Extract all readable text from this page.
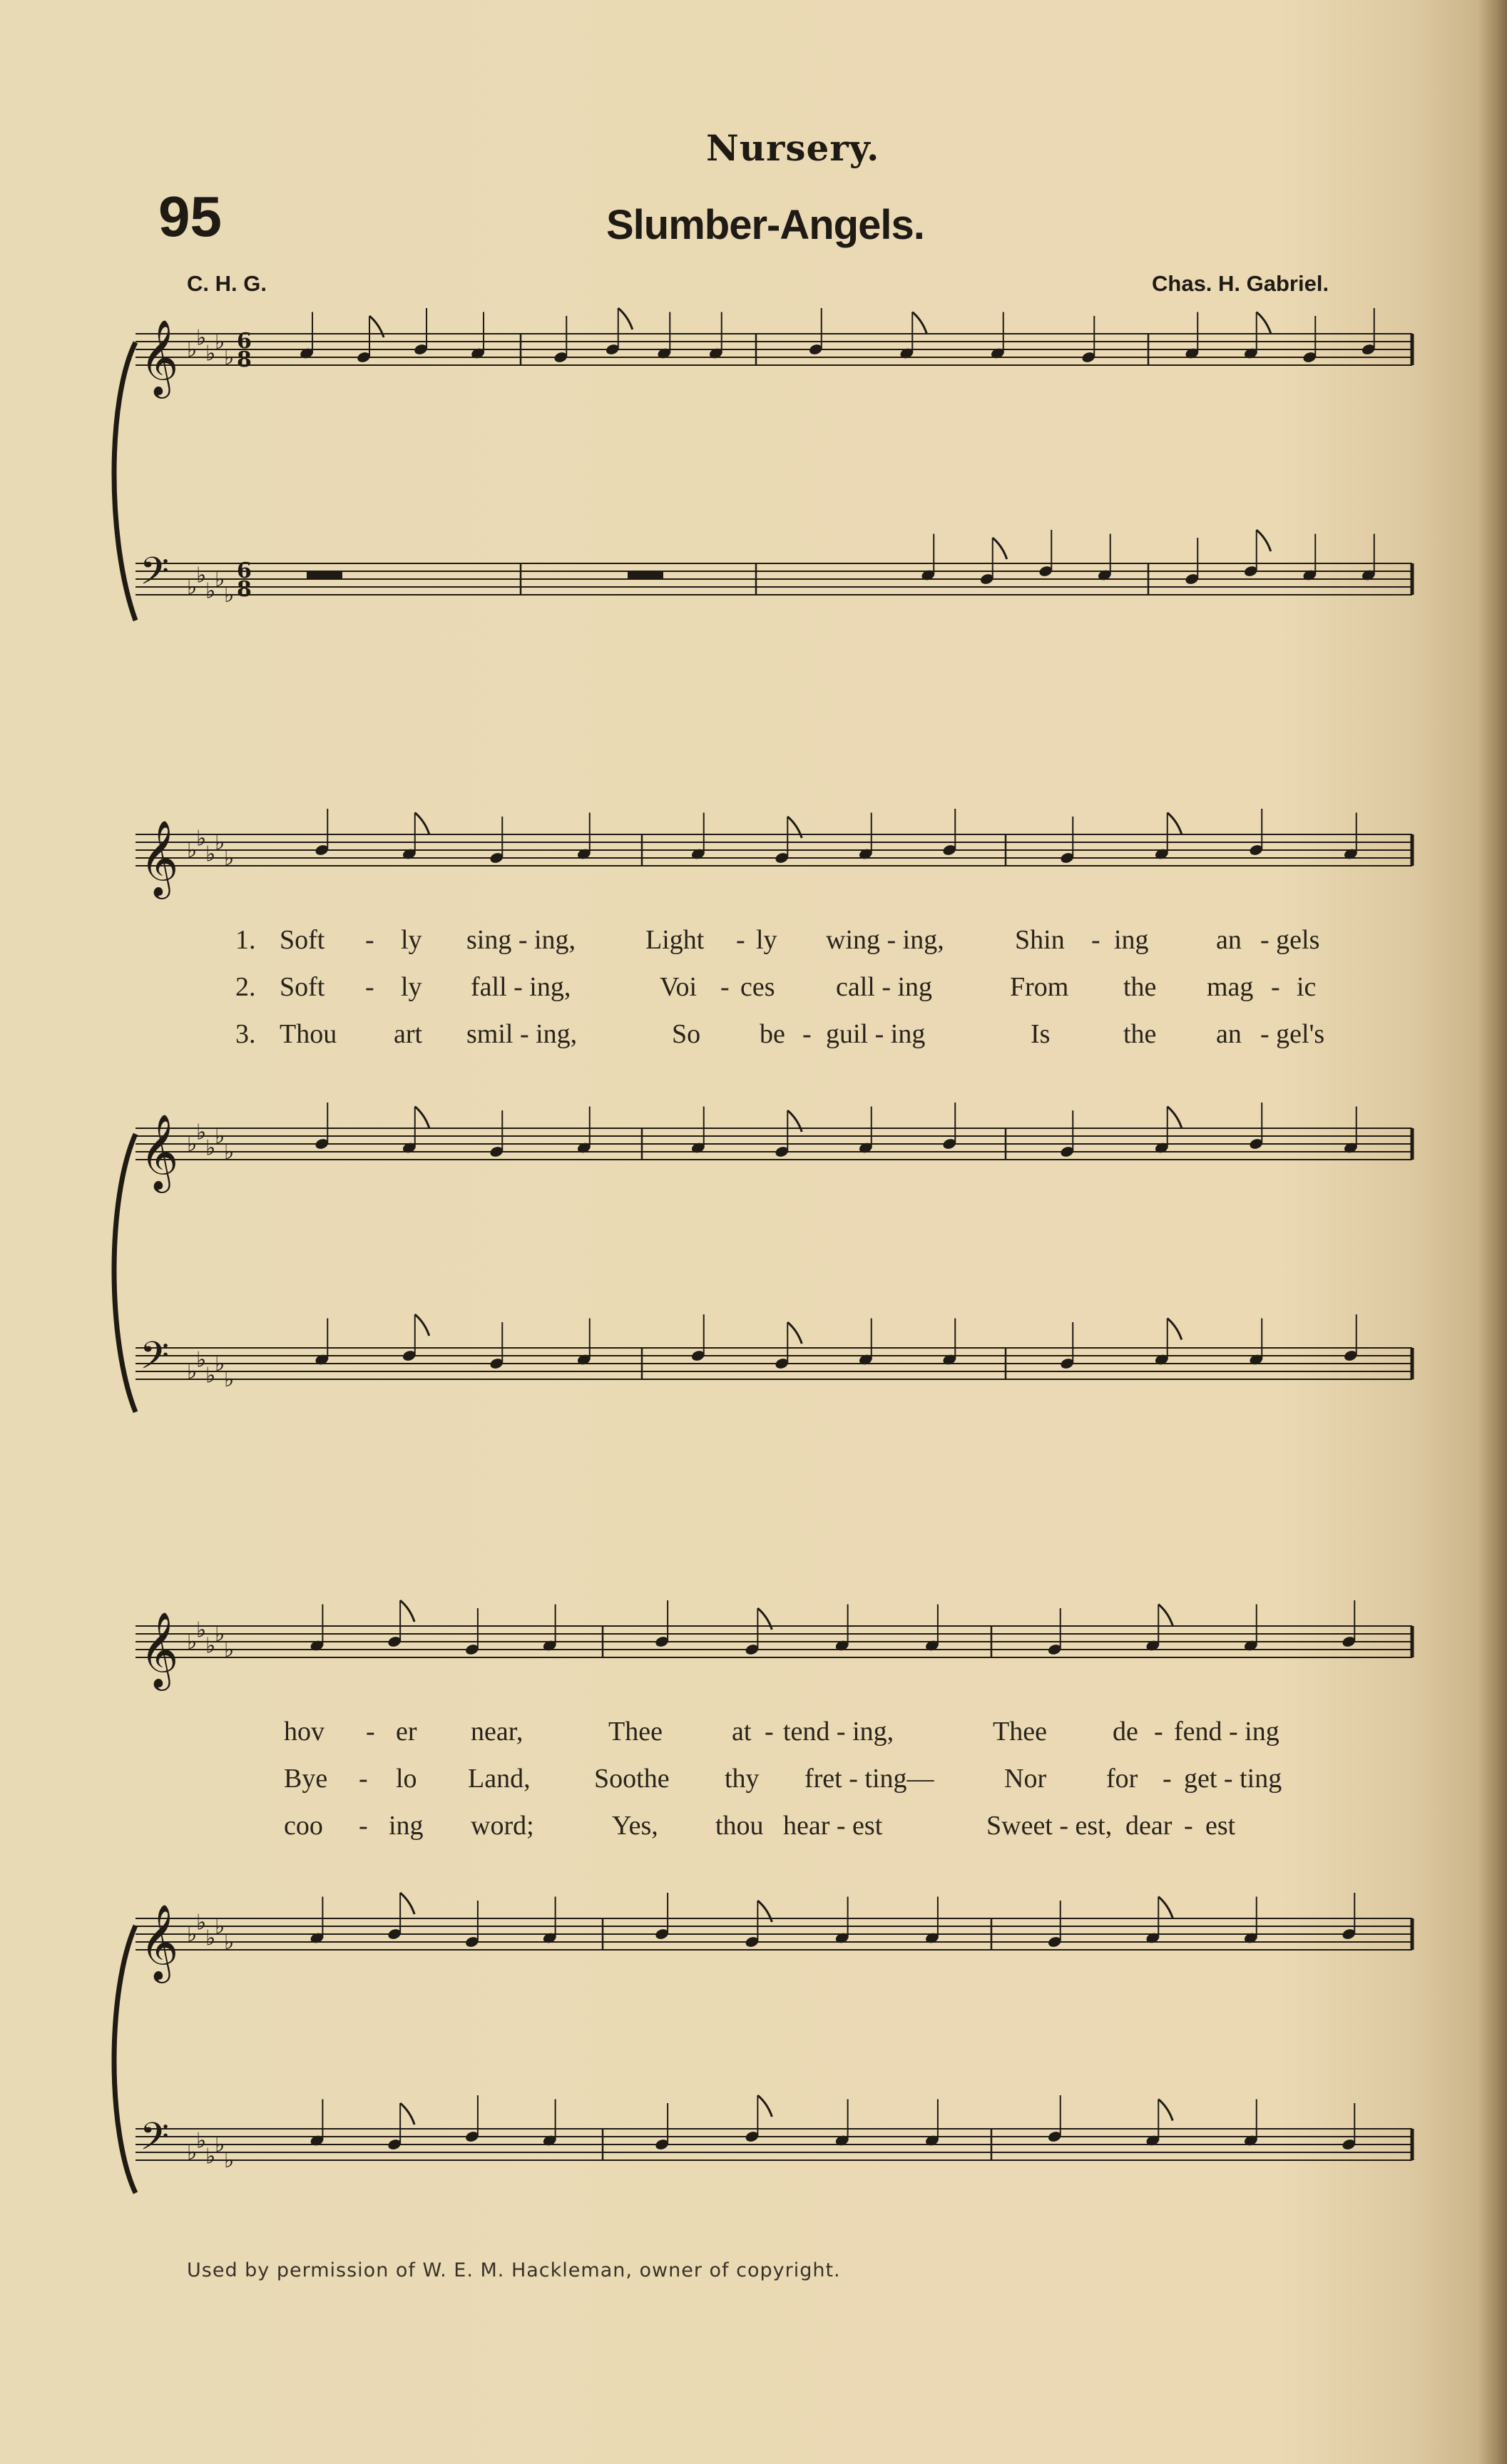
Nursery.
95	Slumber-Angels.
C. H. G.	Chas. H. Gabriel.
𝄞 ♭
♭
♭
♭
♭
6
8
𝄢 ♭
♭
♭
♭
♭
6
8
𝄞 ♭
♭
♭
♭
♭
𝄞 ♭
♭
♭
♭
♭
𝄢 ♭
♭
♭
♭
♭
𝄞 ♭
♭
♭
♭
♭
𝄞 ♭
♭
♭
♭
♭
𝄢 ♭
♭
♭
♭
♭

1.

Soft

-

ly

sing - ing,

	Light

-

ly

wing - ing,

	Shin

-

ing

an

- gels

2.

Soft

-

ly

fall - ing,

	Voi

-

ces

call - ing

	From

the

mag

-

ic

3.

Thou

art

smil - ing,

	So

be

-

guil - ing

	Is

	the

an

- gel's

hov

-

er

near,

	Thee

	at

-

tend - ing,

	Thee

de

-

fend - ing

Bye

-

lo

Land,

Soothe

thy

fret - ting—

	Nor

for

-

get - ting

coo

-

ing

word;

	Yes,

thou

hear - est

	Sweet - est,

dear

-

est

Used by permission of W. E. M. Hackleman, owner of copyright.
